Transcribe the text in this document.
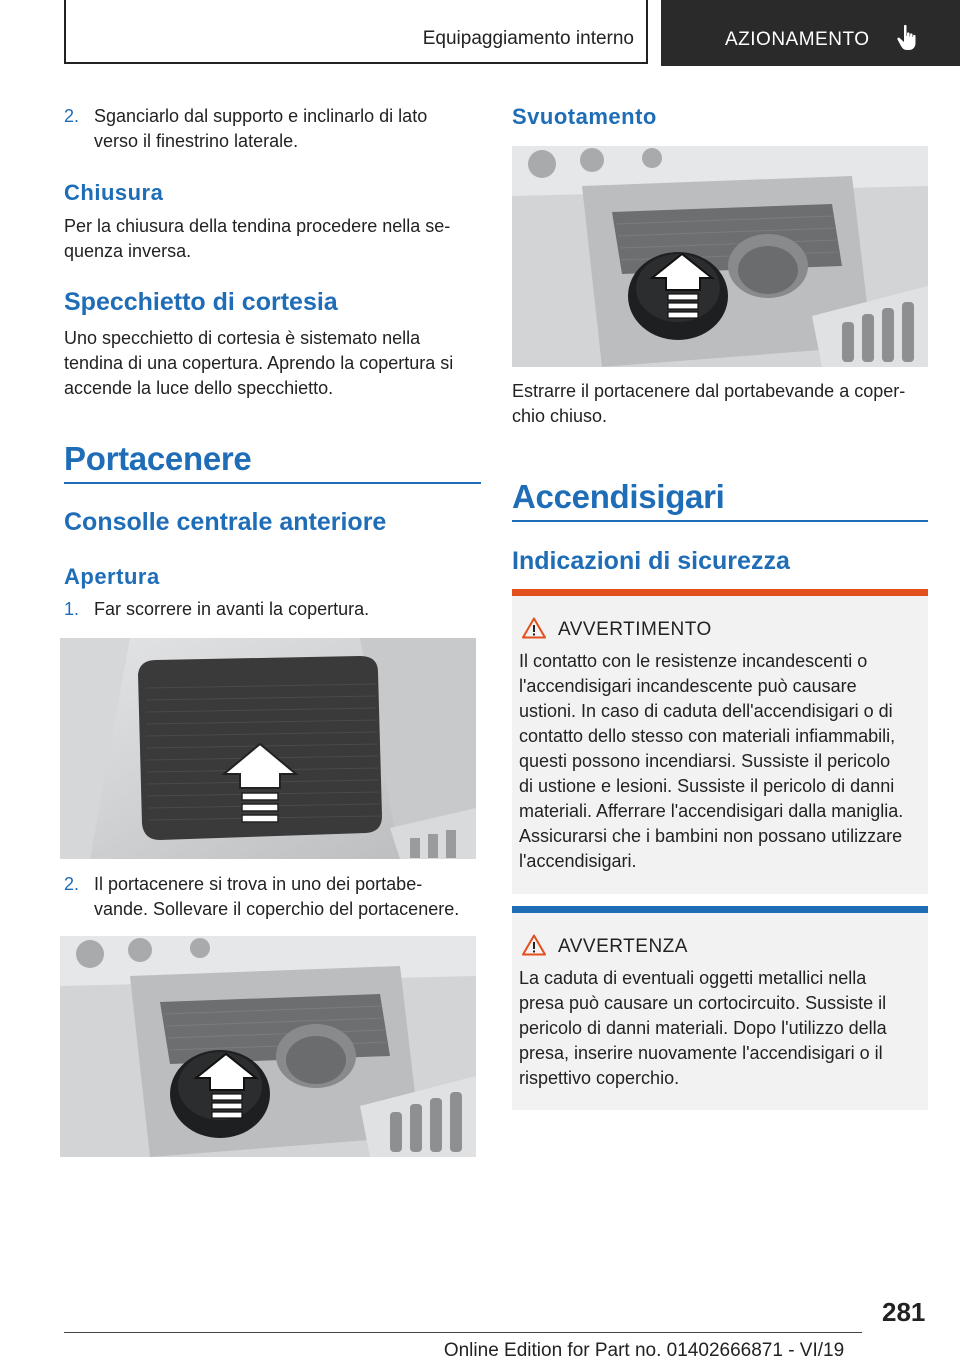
Equipaggiamento interno	AZIONAMENTO
2. Sganciarlo dal supporto e inclinarlo di lato
verso il finestrino laterale.
Chiusura
Per la chiusura della tendina procedere nella se-
quenza inversa.
Specchietto di cortesia
Uno specchietto di cortesia è sistemato nella
tendina di una copertura. Aprendo la copertura si
accende la luce dello specchietto.
Portacenere
Consolle centrale anteriore
Apertura
1. Far scorrere in avanti la copertura.
2. Il portacenere si trova in uno dei portabe-
vande. Sollevare il coperchio del portacenere.
Svuotamento
Estrarre il portacenere dal portabevande a coper-
chio chiuso.
Accendisigari
Indicazioni di sicurezza
AVVERTIMENTO
Il contatto con le resistenze incandescenti o
l'accendisigari incandescente può causare
ustioni. In caso di caduta dell'accendisigari o di
contatto dello stesso con materiali infiammabili,
questi possono incendiarsi. Sussiste il pericolo
di ustione e lesioni. Sussiste il pericolo di danni
materiali. Afferrare l'accendisigari dalla maniglia.
Assicurarsi che i bambini non possano utilizzare
l'accendisigari.
AVVERTENZA
La caduta di eventuali oggetti metallici nella
presa può causare un cortocircuito. Sussiste il
pericolo di danni materiali. Dopo l'utilizzo della
presa, inserire nuovamente l'accendisigari o il
rispettivo coperchio.
281
Online Edition for Part no. 01402666871 - VI/19
